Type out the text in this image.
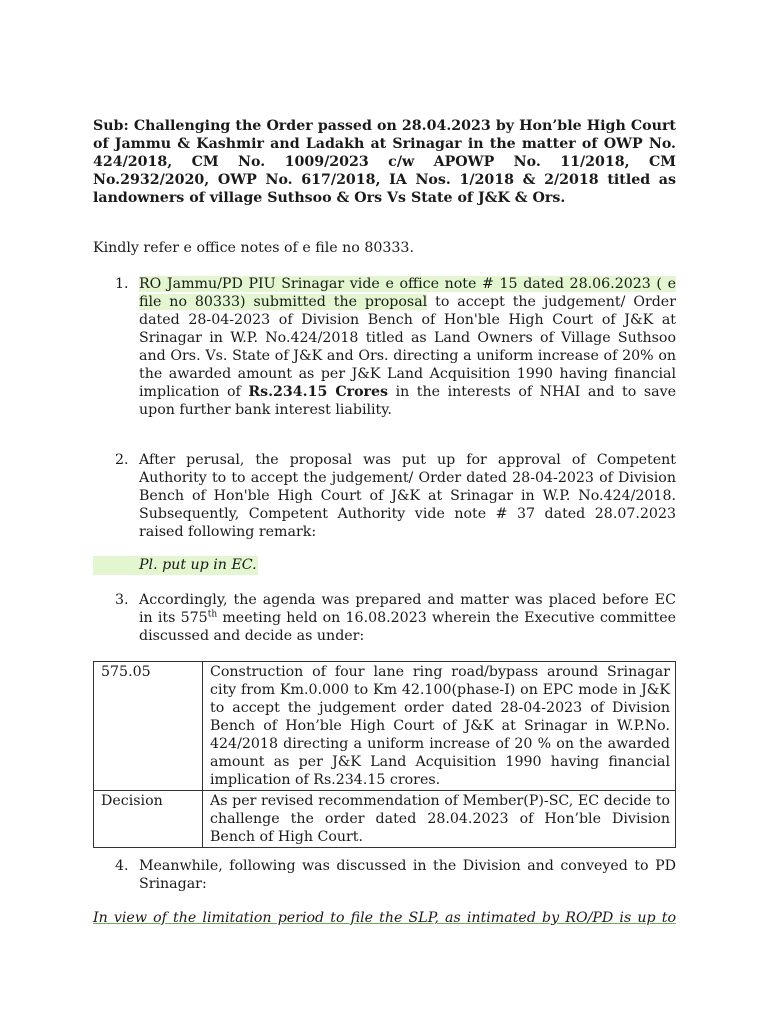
Sub: Challenging the Order passed on 28.04.2023 by Hon’ble High Court of Jammu & Kashmir and Ladakh at Srinagar in the matter of OWP No. 424/2018, CM No. 1009/2023 c/w APOWP No. 11/2018, CM No.2932/2020, OWP No. 617/2018, IA Nos. 1/2018 & 2/2018 titled as landowners of village Suthsoo & Ors Vs State of J&K & Ors.
Kindly refer e office notes of e file no 80333.
1. RO Jammu/PD PIU Srinagar vide e office note # 15 dated 28.06.2023 ( e file no 80333) submitted the proposal to accept the judgement/ Order dated 28-04-2023 of Division Bench of Hon'ble High Court of J&K at Srinagar in W.P. No.424/2018 titled as Land Owners of Village Suthsoo and Ors. Vs. State of J&K and Ors. directing a uniform increase of 20% on the awarded amount as per J&K Land Acquisition 1990 having financial implication of Rs.234.15 Crores in the interests of NHAI and to save upon further bank interest liability.
2. After perusal, the proposal was put up for approval of Competent Authority to to accept the judgement/ Order dated 28-04-2023 of Division Bench of Hon'ble High Court of J&K at Srinagar in W.P. No.424/2018. Subsequently, Competent Authority vide note # 37 dated 28.07.2023 raised following remark:
Pl. put up in EC.
3. Accordingly, the agenda was prepared and matter was placed before EC in its 575th meeting held on 16.08.2023 wherein the Executive committee discussed and decide as under:
575.05	Construction of four lane ring road/bypass around Srinagar city from Km.0.000 to Km 42.100(phase-I) on EPC mode in J&K to accept the judgement order dated 28-04-2023 of Division Bench of Hon’ble High Court of J&K at Srinagar in W.P.No. 424/2018 directing a uniform increase of 20 % on the awarded amount as per J&K Land Acquisition 1990 having financial implication of Rs.234.15 crores.
Decision	As per revised recommendation of Member(P)-SC, EC decide to challenge the order dated 28.04.2023 of Hon’ble Division Bench of High Court.
4. Meanwhile, following was discussed in the Division and conveyed to PD Srinagar:
In view of the limitation period to file the SLP, as intimated by RO/PD is up to
